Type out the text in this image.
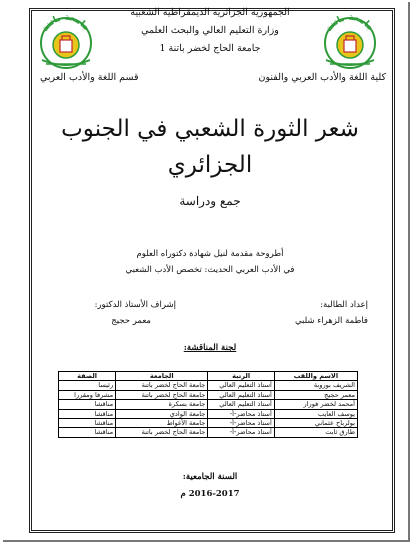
جامعة باتنة	جامعة باتنة
الجمهورية الجزائرية الديمقراطية الشعبية
وزارة التعليم العالي والبحث العلمي
جامعة الحاج لخضر باتنة 1
كلية اللغة والأدب العربي والفنون
قسم اللغة والأدب العربي
شعر الثورة الشعبي في الجنوب
الجزائري
جمع ودراسة
أطروحة مقدمة لنيل شهادة دكتوراه العلوم
في الأدب العربي الحديث: تخصص الأدب الشعبي
إعداد الطالبة:
فاطمة الزهراء شلبي
إشراف الأستاذ الدكتور:
معمر حجيج
لجنة المناقشة:
الاسم واللقب	الرتبة	الجامعة	الصفة
الشريف بوروبة	أستاذ التعليم العالي	جامعة الحاج لخضر باتنة	رئيسا
معمر حجيج	أستاذ التعليم العالي	جامعة الحاج لخضر باتنة	مشرفا ومقررا
أمحمد لخضر فورار	أستاذ التعليم العالي	جامعة بسكرة	مناقشا
يوسف العايب	أستاذ محاضر-أ-	جامعة الوادي	مناقشا
بولرباح عثماني	أستاذ محاضر-أ-	جامعة الأغواط	مناقشا
طارق ثابت	أستاذ محاضر-أ-	جامعة الحاج لخضر باتنة	مناقشا
السنة الجامعية:
2016-2017 م
